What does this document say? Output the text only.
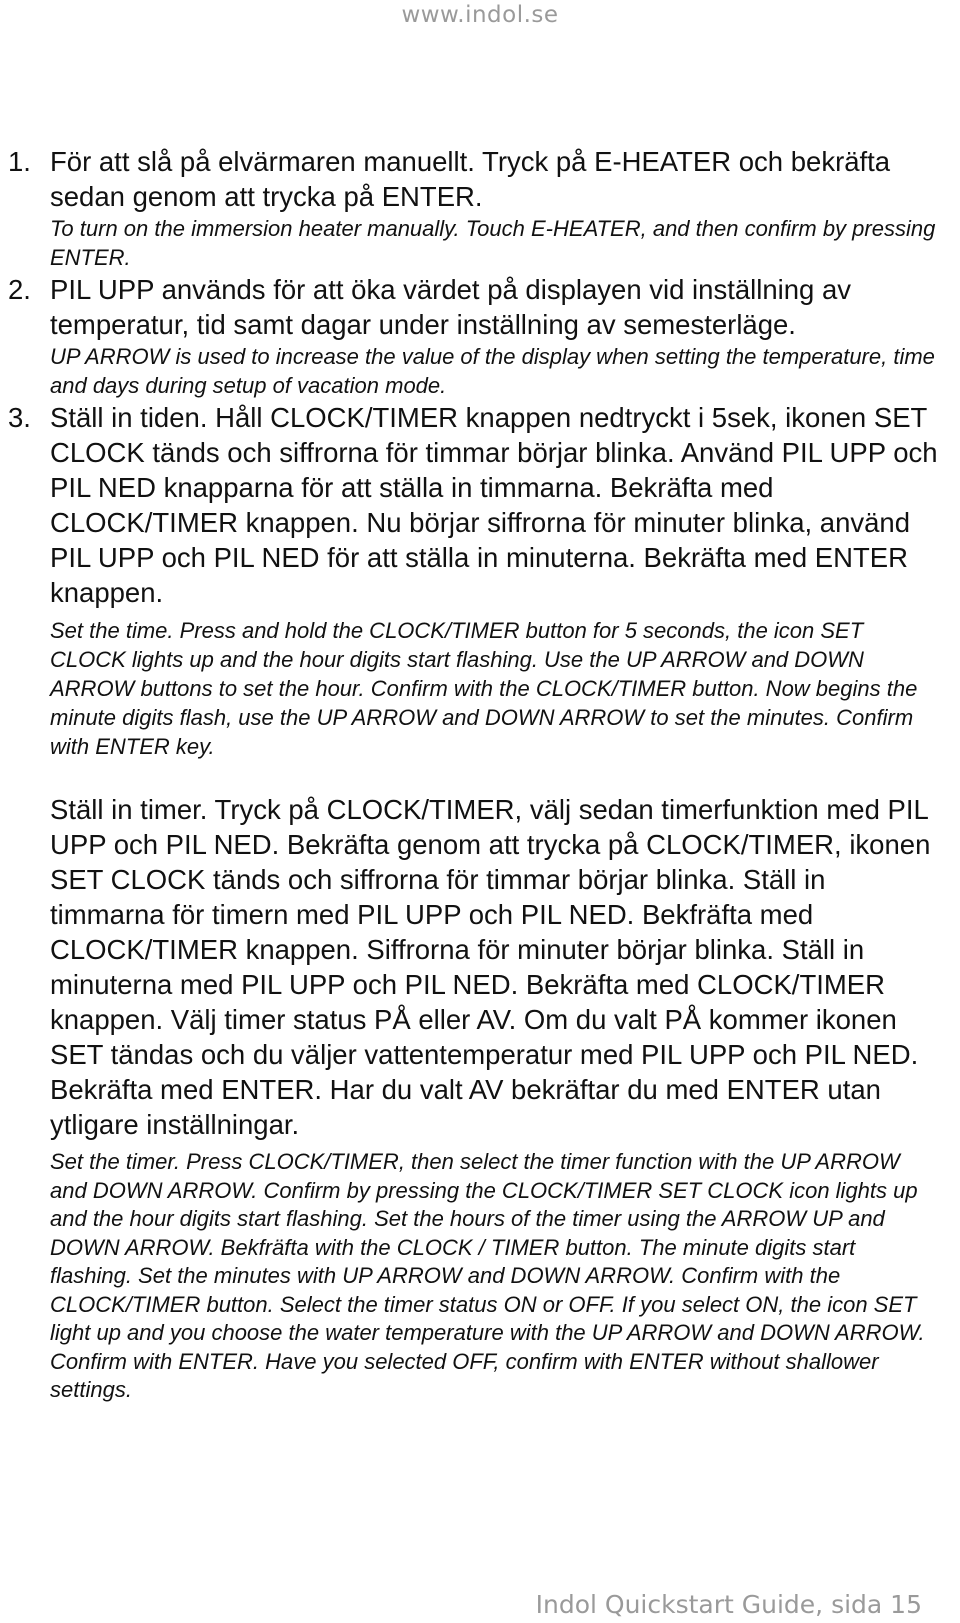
www.indol.se
1. För att slå på elvärmaren manuellt. Tryck på E-HEATER och bekräfta sedan genom att trycka på ENTER.

To turn on the immersion heater manually. Touch E-HEATER, and then confirm by pressing ENTER.

2. PIL UPP används för att öka värdet på displayen vid inställning av temperatur, tid samt dagar under inställning av semesterläge.

UP ARROW is used to increase the value of the display when setting the temperature, time and days during setup of vacation mode.

3. Ställ in tiden. Håll CLOCK/TIMER knappen nedtryckt i 5sek, ikonen SET CLOCK tänds och siffrorna för timmar börjar blinka. Använd PIL UPP och PIL NED knapparna för att ställa in timmarna. Bekräfta med CLOCK/TIMER knappen. Nu börjar siffrorna för minuter blinka, använd PIL UPP och PIL NED för att ställa in minuterna. Bekräfta med ENTER knappen.

Set the time. Press and hold the CLOCK/TIMER button for 5 seconds, the icon SET CLOCK lights up and the hour digits start flashing. Use the UP ARROW and DOWN ARROW buttons to set the hour. Confirm with the CLOCK/TIMER button. Now begins the minute digits flash, use the UP ARROW and DOWN ARROW to set the minutes. Confirm with ENTER key.

Ställ in timer. Tryck på CLOCK/TIMER, välj sedan timerfunktion med PIL UPP och PIL NED. Bekräfta genom att trycka på CLOCK/TIMER, ikonen SET CLOCK tänds och siffrorna för timmar börjar blinka. Ställ in timmarna för timern med PIL UPP och PIL NED. Bekfräfta med CLOCK/TIMER knappen. Siffrorna för minuter börjar blinka. Ställ in minuterna med PIL UPP och PIL NED. Bekräfta med CLOCK/TIMER knappen. Välj timer status PÅ eller AV. Om du valt PÅ kommer ikonen SET tändas och du väljer vattentemperatur med PIL UPP och PIL NED. Bekräfta med ENTER. Har du valt AV bekräftar du med ENTER utan ytligare inställningar.

Set the timer. Press CLOCK/TIMER, then select the timer function with the UP ARROW and DOWN ARROW. Confirm by pressing the CLOCK/TIMER SET CLOCK icon lights up and the hour digits start flashing. Set the hours of the timer using the ARROW UP and DOWN ARROW. Bekfräfta with the CLOCK / TIMER button. The minute digits start flashing. Set the minutes with UP ARROW and DOWN ARROW. Confirm with the CLOCK/TIMER button. Select the timer status ON or OFF. If you select ON, the icon SET light up and you choose the water temperature with the UP ARROW and DOWN ARROW. Confirm with ENTER. Have you selected OFF, confirm with ENTER without shallower settings.

Indol Quickstart Guide, sida 15
